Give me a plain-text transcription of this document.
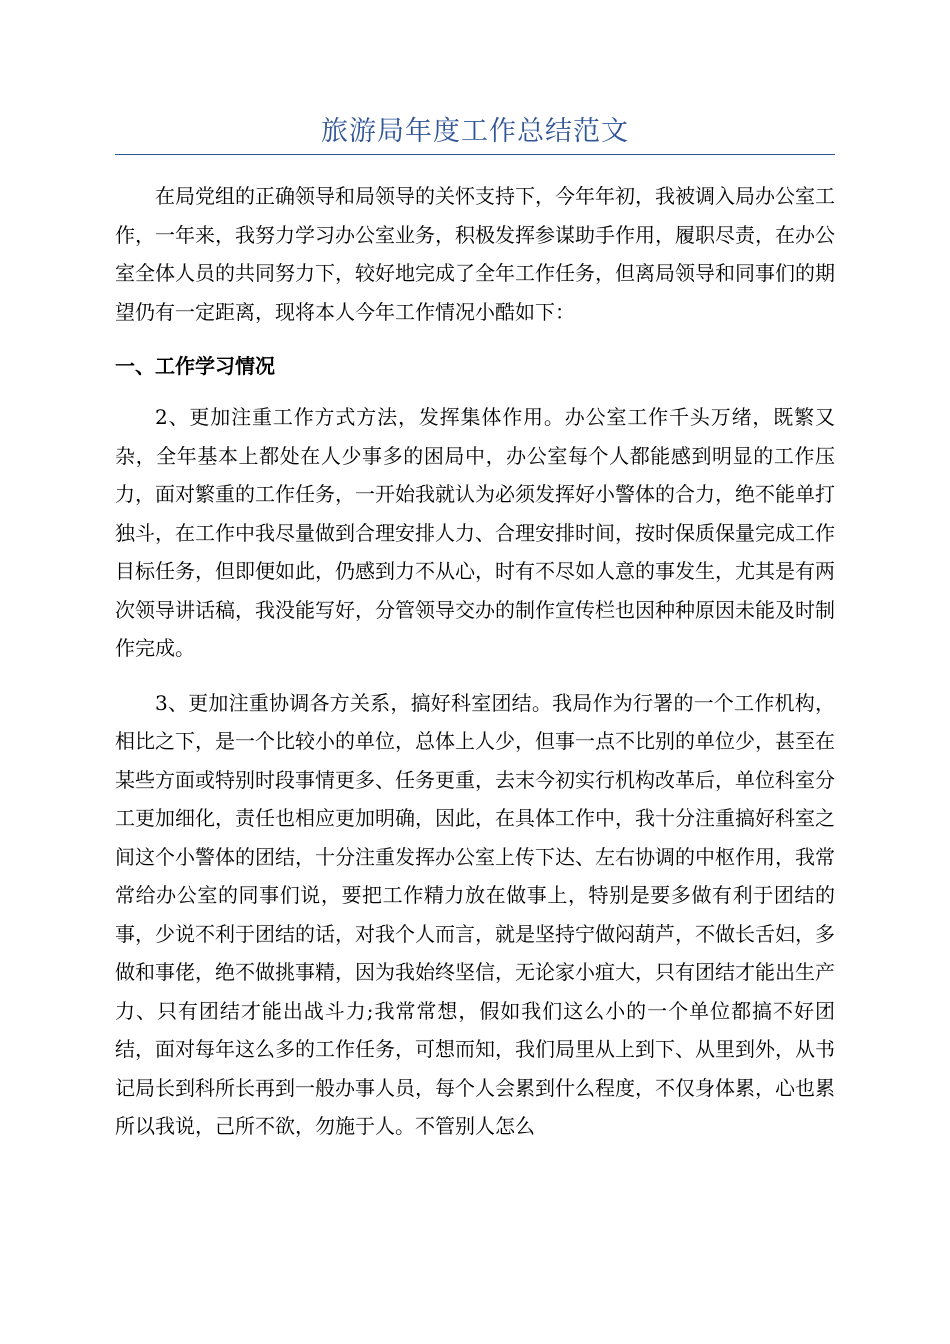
旅游局年度工作总结范文

在局党组的正确领导和局领导的关怀支持下，今年年初，我被调入局办公室工作，一年来，我努力学习办公室业务，积极发挥参谋助手作用，履职尽责，在办公室全体人员的共同努力下，较好地完成了全年工作任务，但离局领导和同事们的期望仍有一定距离，现将本人今年工作情况小酷如下：

一、工作学习情况

2、更加注重工作方式方法，发挥集体作用。办公室工作千头万绪，既繁又杂，全年基本上都处在人少事多的困局中，办公室每个人都能感到明显的工作压力，面对繁重的工作任务，一开始我就认为必须发挥好小警体的合力，绝不能单打独斗，在工作中我尽量做到合理安排人力、合理安排时间，按时保质保量完成工作目标任务，但即便如此，仍感到力不从心，时有不尽如人意的事发生，尤其是有两次领导讲话稿，我没能写好，分管领导交办的制作宣传栏也因种种原因未能及时制作完成。

3、更加注重协调各方关系，搞好科室团结。我局作为行署的一个工作机构，相比之下，是一个比较小的单位，总体上人少，但事一点不比别的单位少，甚至在某些方面或特别时段事情更多、任务更重，去末今初实行机构改革后，单位科室分工更加细化，责任也相应更加明确，因此，在具体工作中，我十分注重搞好科室之间这个小警体的团结，十分注重发挥办公室上传下达、左右协调的中枢作用，我常常给办公室的同事们说，要把工作精力放在做事上，特别是要多做有利于团结的事，少说不利于团结的话，对我个人而言，就是坚持宁做闷葫芦，不做长舌妇，多做和事佬，绝不做挑事精，因为我始终坚信，无论家小疽大，只有团结才能出生产力、只有团结才能出战斗力;我常常想，假如我们这么小的一个单位都搞不好团结，面对每年这么多的工作任务，可想而知，我们局里从上到下、从里到外，从书记局长到科所长再到一般办事人员，每个人会累到什么程度，不仅身体累，心也累所以我说，己所不欲，勿施于人。不管别人怎么
